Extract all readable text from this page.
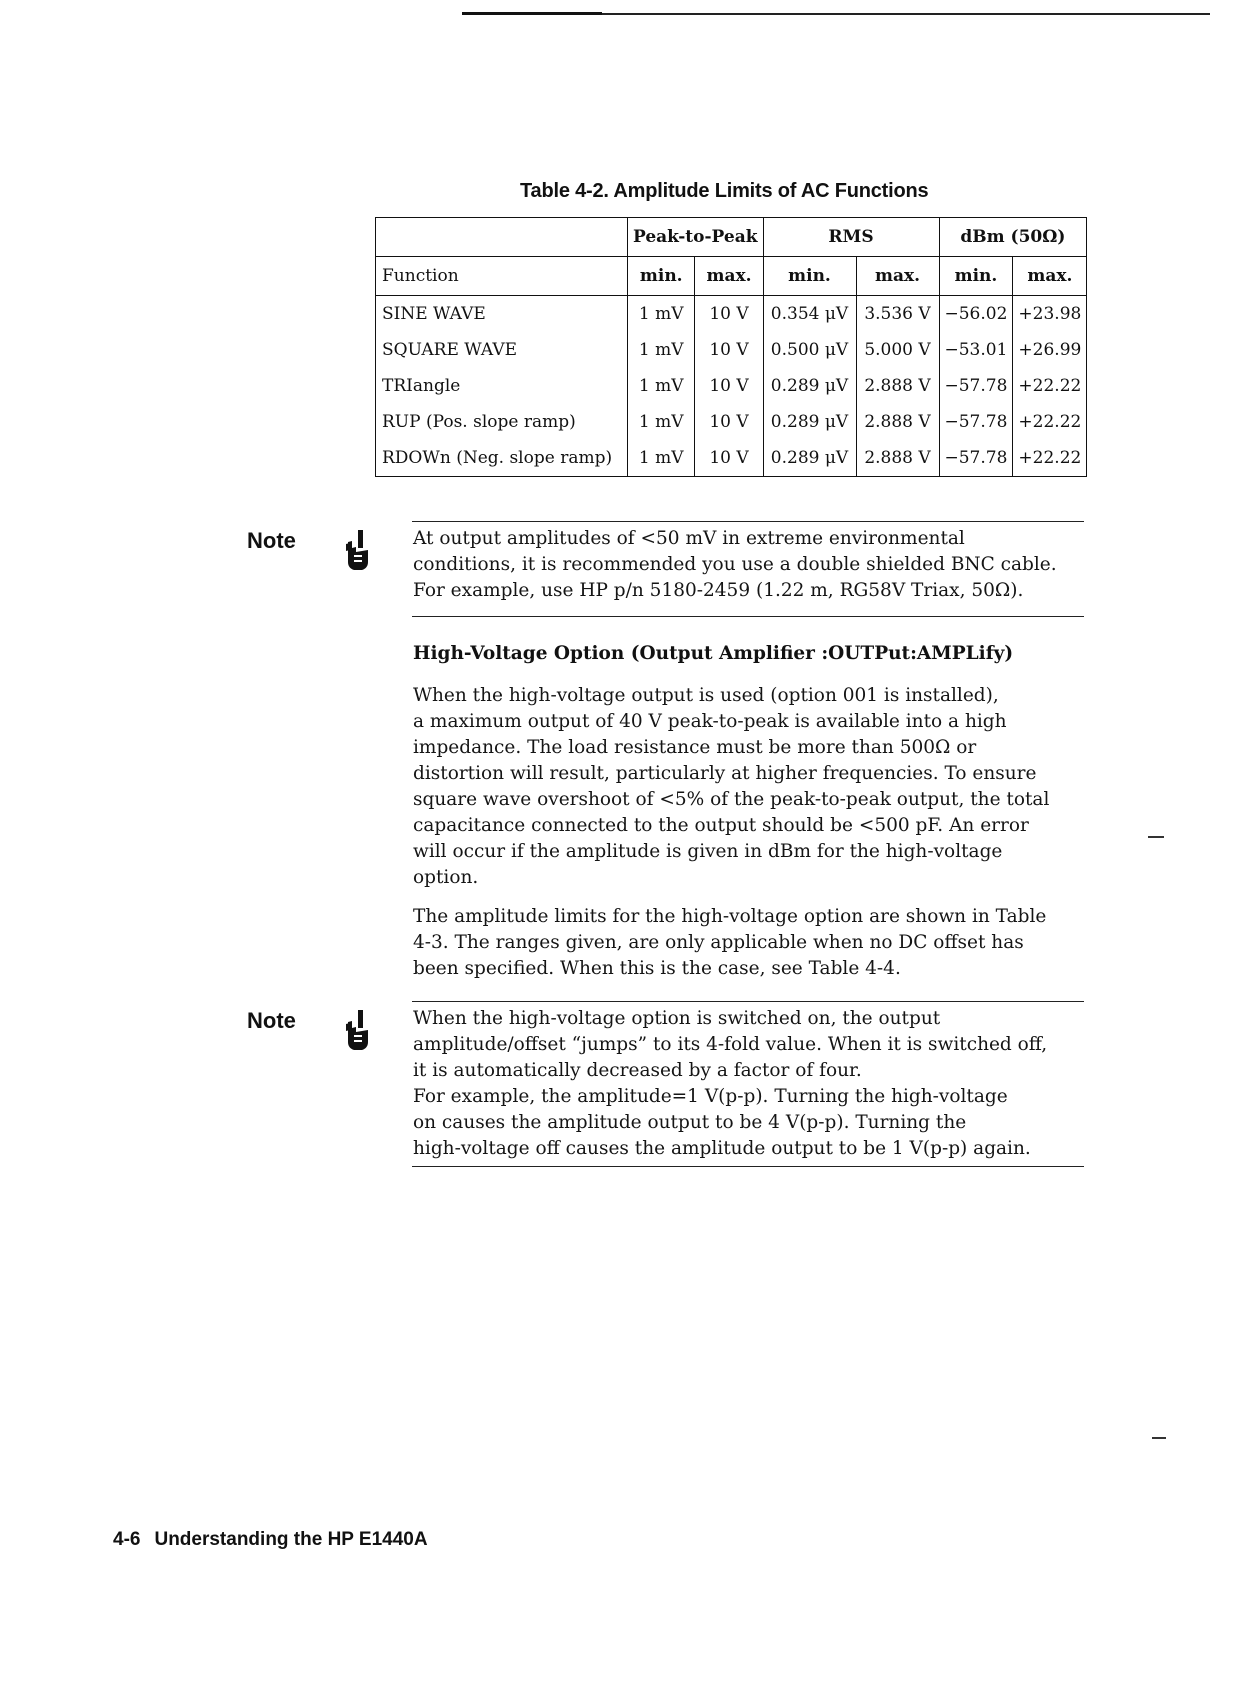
Table 4-2. Amplitude Limits of AC Functions
	Peak-to-Peak		RMS		dBm (50Ω)	
Function	min.	max.	min.	max.	min.	max.
SINE WAVE	1 mV	10 V	0.354 μV	3.536 V	−56.02	+23.98
SQUARE WAVE	1 mV	10 V	0.500 μV	5.000 V	−53.01	+26.99
TRIangle	1 mV	10 V	0.289 μV	2.888 V	−57.78	+22.22
RUP (Pos. slope ramp)	1 mV	10 V	0.289 μV	2.888 V	−57.78	+22.22
RDOWn (Neg. slope ramp)	1 mV	10 V	0.289 μV	2.888 V	−57.78	+22.22
Note	At output amplitudes of <50 mV in extreme environmental
conditions, it is recommended you use a double shielded BNC cable.
For example, use HP p/n 5180-2459 (1.22 m, RG58V Triax, 50Ω).
High-Voltage Option (Output Amplifier :OUTPut:AMPLify)
When the high-voltage output is used (option 001 is installed),
a maximum output of 40 V peak-to-peak is available into a high
impedance. The load resistance must be more than 500Ω or
distortion will result, particularly at higher frequencies. To ensure
square wave overshoot of <5% of the peak-to-peak output, the total
capacitance connected to the output should be <500 pF. An error
will occur if the amplitude is given in dBm for the high-voltage
option.
The amplitude limits for the high-voltage option are shown in Table
4-3. The ranges given, are only applicable when no DC offset has
been specified. When this is the case, see Table 4-4.
Note	When the high-voltage option is switched on, the output
amplitude/offset “jumps” to its 4-fold value. When it is switched off,
it is automatically decreased by a factor of four.
For example, the amplitude=1 V(p-p). Turning the high-voltage
on causes the amplitude output to be 4 V(p-p). Turning the
high-voltage off causes the amplitude output to be 1 V(p-p) again.
4-6 Understanding the HP E1440A
